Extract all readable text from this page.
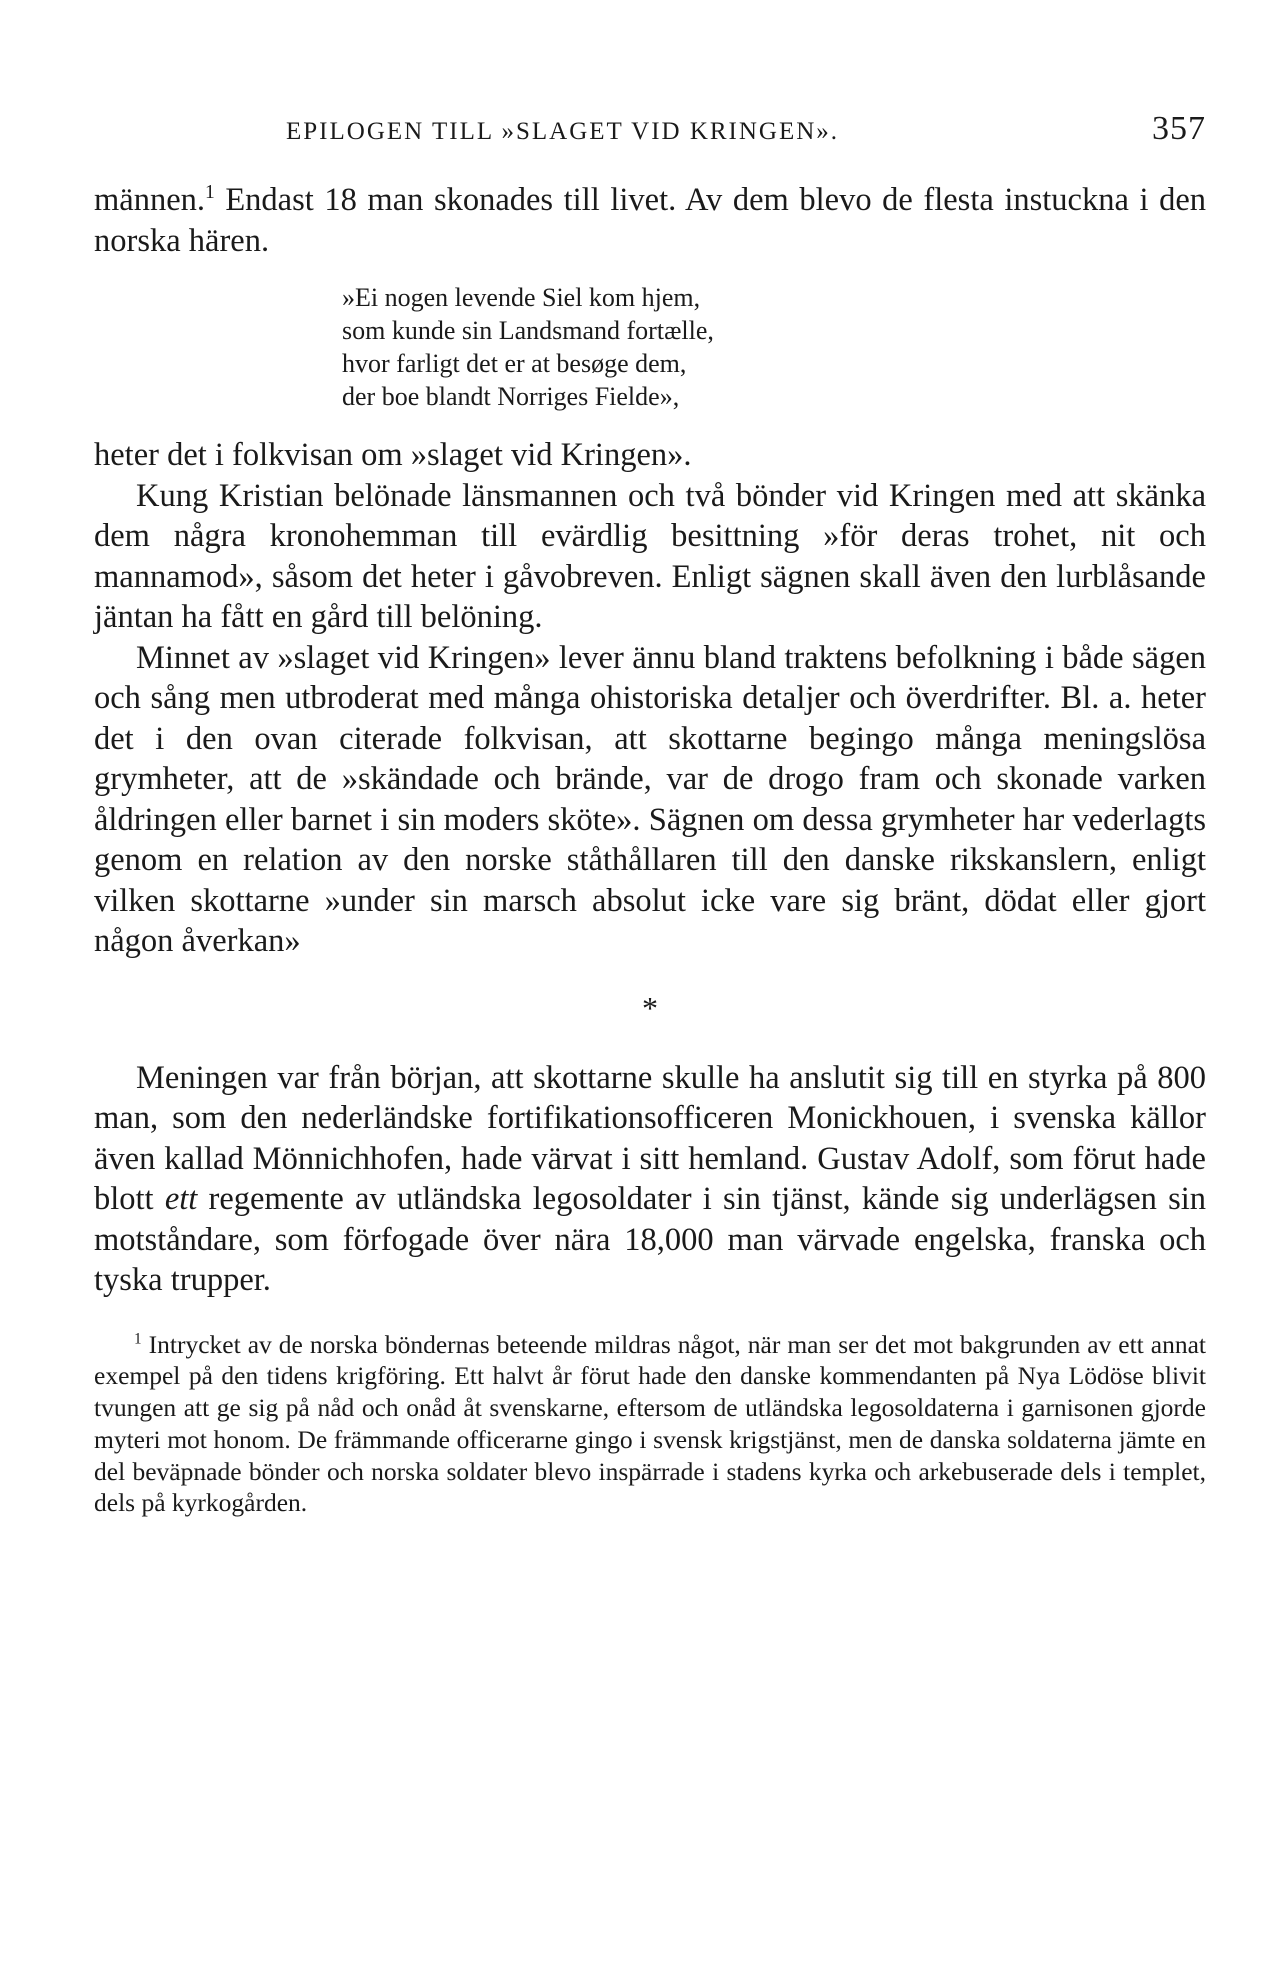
EPILOGEN TILL »SLAGET VID KRINGEN».	357

männen.$^1$ Endast 18 man skonades till livet. Av dem blevo de flesta instuckna i den norska hären.

»Ei nogen levende Siel kom hjem,
som kunde sin Landsmand fortælle,
hvor farligt det er at besøge dem,
der boe blandt Norriges Fielde»,

heter det i folkvisan om »slaget vid Kringen».

Kung Kristian belönade länsmannen och två bönder vid Kringen med att skänka dem några kronohemman till evärdlig besittning »för deras trohet, nit och mannamod», såsom det heter i gåvobreven. Enligt sägnen skall även den lurblåsande jäntan ha fått en gård till belöning.

Minnet av »slaget vid Kringen» lever ännu bland traktens befolkning i både sägen och sång men utbroderat med många ohistoriska detaljer och överdrifter. Bl. a. heter det i den ovan citerade folkvisan, att skottarne begingo många meningslösa grymheter, att de »skändade och brände, var de drogo fram och skonade varken åldringen eller barnet i sin moders sköte». Sägnen om dessa grymheter har vederlagts genom en relation av den norske ståthållaren till den danske rikskanslern, enligt vilken skottarne »under sin marsch absolut icke vare sig bränt, dödat eller gjort någon åverkan»

*

Meningen var från början, att skottarne skulle ha anslutit sig till en styrka på 800 man, som den nederländske fortifikationsofficeren Monickhouen, i svenska källor även kallad Mönnichhofen, hade värvat i sitt hemland. Gustav Adolf, som förut hade blott ett regemente av utländska legosoldater i sin tjänst, kände sig underlägsen sin motståndare, som förfogade över nära 18,000 man värvade engelska, franska och tyska trupper.

$^1$ Intrycket av de norska böndernas beteende mildras något, när man ser det mot bakgrunden av ett annat exempel på den tidens krigföring. Ett halvt år förut hade den danske kommendanten på Nya Lödöse blivit tvungen att ge sig på nåd och onåd åt svenskarne, eftersom de utländska legosoldaterna i garnisonen gjorde myteri mot honom. De främmande officerarne gingo i svensk krigstjänst, men de danska soldaterna jämte en del beväpnade bönder och norska soldater blevo inspärrade i stadens kyrka och arkebuserade dels i templet, dels på kyrkogården.
